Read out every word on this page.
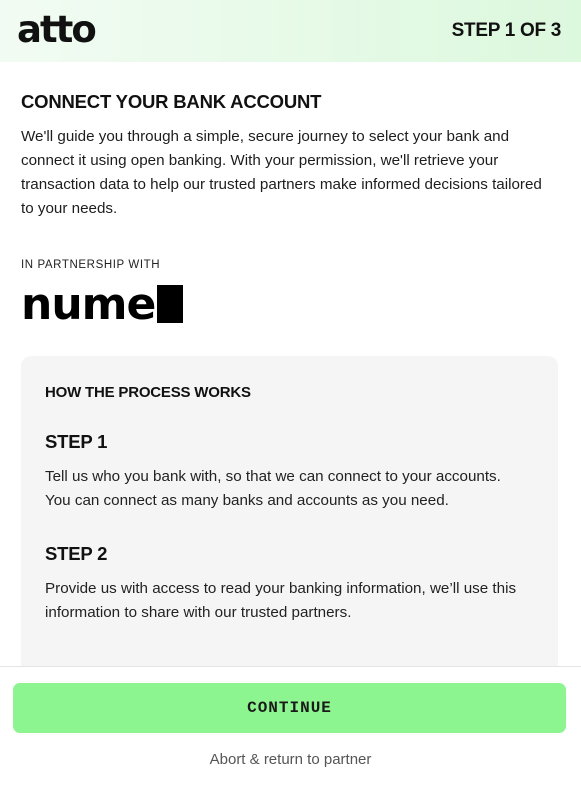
atto	STEP 1 OF 3
CONNECT YOUR BANK ACCOUNT

We'll guide you through a simple, secure journey to select your bank and connect it using open banking. With your permission, we'll retrieve your transaction data to help our trusted partners make informed decisions tailored to your needs.

IN PARTNERSHIP WITH
nume
HOW THE PROCESS WORKS
STEP 1

Tell us who you bank with, so that we can connect to your accounts. You can connect as many banks and accounts as you need.

STEP 2

Provide us with access to read your banking information, we’ll use this information to share with our trusted partners.

CONTINUE
Abort & return to partner
